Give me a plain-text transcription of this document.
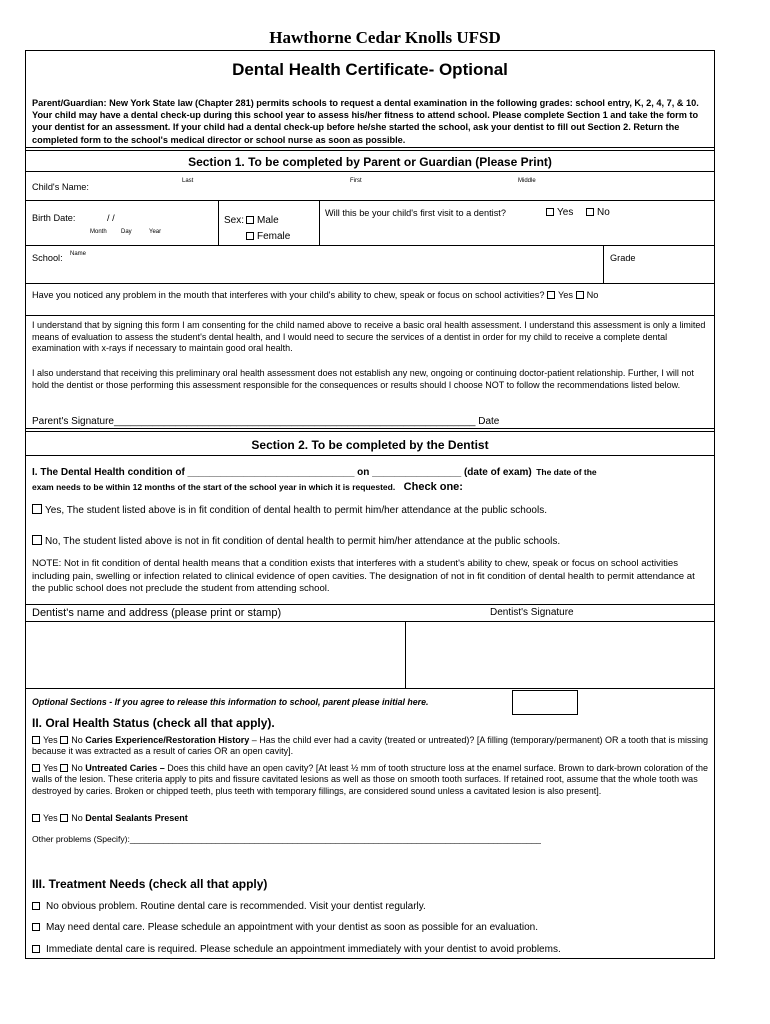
Hawthorne Cedar Knolls UFSD
Dental Health Certificate- Optional
Parent/Guardian: New York State law (Chapter 281) permits schools to request a dental examination in the following grades: school entry, K, 2, 4, 7, & 10. Your child may have a dental check-up during this school year to assess his/her fitness to attend school. Please complete Section 1 and take the form to your dentist for an assessment. If your child had a dental check-up before he/she started the school, ask your dentist to fill out Section 2. Return the completed form to the school's medical director or school nurse as soon as possible.
Section 1. To be completed by Parent or Guardian (Please Print)
Child's Name:
Last	First	Middle
Birth Date:	/ /
Month Day	Year
Sex:	Male
Female
Will this be your child's first visit to a dentist?	Yes	No
School: Name	Grade
Have you noticed any problem in the mouth that interferes with your child's ability to chew, speak or focus on school activities? Yes No
I understand that by signing this form I am consenting for the child named above to receive a basic oral health assessment. I understand this assessment is only a limited means of evaluation to assess the student's dental health, and I would need to secure the services of a dentist in order for my child to receive a complete dental examination with x-rays if necessary to maintain good oral health.
I also understand that receiving this preliminary oral health assessment does not establish any new, ongoing or continuing doctor-patient relationship. Further, I will not hold the dentist or those performing this assessment responsible for the consequences or results should I choose NOT to follow the recommendations listed below.
Parent's Signature_________________________________________________________________ Date
Section 2. To be completed by the Dentist
I. The Dental Health condition of ______________________________ on ________________ (date of exam) The date of the
exam needs to be within 12 months of the start of the school year in which it is requested. Check one:
Yes, The student listed above is in fit condition of dental health to permit him/her attendance at the public schools.
No, The student listed above is not in fit condition of dental health to permit him/her attendance at the public schools.
NOTE: Not in fit condition of dental health means that a condition exists that interferes with a student's ability to chew, speak or focus on school activities including pain, swelling or infection related to clinical evidence of open cavities. The designation of not in fit condition of dental health to permit attendance at the public school does not preclude the student from attending school.
Dentist's name and address (please print or stamp)	Dentist's Signature
Optional Sections - If you agree to release this information to school, parent please initial here.
II. Oral Health Status (check all that apply).
Yes No Caries Experience/Restoration History – Has the child ever had a cavity (treated or untreated)? [A filling (temporary/permanent) OR a tooth that is missing because it was extracted as a result of caries OR an open cavity].
Yes No Untreated Caries – Does this child have an open cavity? [At least ½ mm of tooth structure loss at the enamel surface. Brown to dark-brown coloration of the walls of the lesion. These criteria apply to pits and fissure cavitated lesions as well as those on smooth tooth surfaces. If retained root, assume that the whole tooth was destroyed by caries. Broken or chipped teeth, plus teeth with temporary fillings, are considered sound unless a cavitated lesion is also present].
Yes No Dental Sealants Present
Other problems (Specify):______________________________________________________________________________________
III. Treatment Needs (check all that apply)
No obvious problem. Routine dental care is recommended. Visit your dentist regularly.
May need dental care. Please schedule an appointment with your dentist as soon as possible for an evaluation.
Immediate dental care is required. Please schedule an appointment immediately with your dentist to avoid problems.
